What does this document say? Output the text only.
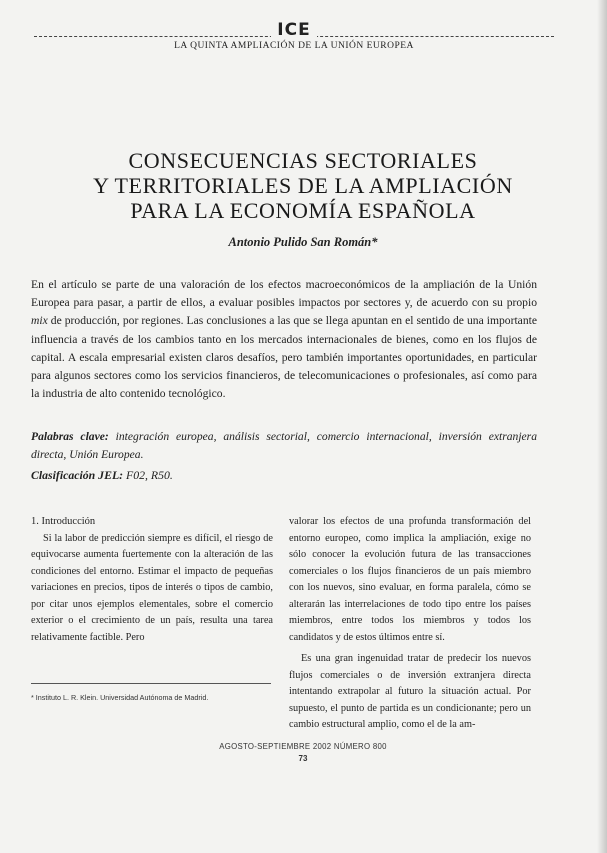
ICE
LA QUINTA AMPLIACIÓN DE LA UNIÓN EUROPEA
CONSECUENCIAS SECTORIALES
Y TERRITORIALES DE LA AMPLIACIÓN
PARA LA ECONOMÍA ESPAÑOLA
Antonio Pulido San Román*

En el artículo se parte de una valoración de los efectos macroeconómicos de la ampliación de la Unión Europea para pasar, a partir de ellos, a evaluar posibles impactos por sectores y, de acuerdo con su propio mix de producción, por regiones. Las conclusiones a las que se llega apuntan en el sentido de una importante influencia a través de los cambios tanto en los mercados internacionales de bienes, como en los flujos de capital. A escala empresarial existen claros desafíos, pero también importantes oportunidades, en particular para algunos sectores como los servicios financieros, de telecomunicaciones o profesionales, así como para la industria de alto contenido tecnológico.

Palabras clave: integración europea, análisis sectorial, comercio internacional, inversión extranjera directa, Unión Europea.

Clasificación JEL: F02, R50.

1. Introducción

Si la labor de predicción siempre es difícil, el riesgo de equivocarse aumenta fuertemente con la alteración de las condiciones del entorno. Estimar el impacto de pequeñas variaciones en precios, tipos de interés o tipos de cambio, por citar unos ejemplos elementales, sobre el comercio exterior o el crecimiento de un país, resulta una tarea relativamente factible. Pero

valorar los efectos de una profunda transformación del entorno europeo, como implica la ampliación, exige no sólo conocer la evolución futura de las transacciones comerciales o los flujos financieros de un país miembro con los nuevos, sino evaluar, en forma paralela, cómo se alterarán las interrelaciones de todo tipo entre los países miembros, entre todos los miembros y todos los candidatos y de estos últimos entre sí.

Es una gran ingenuidad tratar de predecir los nuevos flujos comerciales o de inversión extranjera directa intentando extrapolar al futuro la situación actual. Por supuesto, el punto de partida es un condicionante; pero un cambio estructural amplio, como el de la am-

* Instituto L. R. Klein. Universidad Autónoma de Madrid.
AGOSTO-SEPTIEMBRE 2002 NÚMERO 800
73
